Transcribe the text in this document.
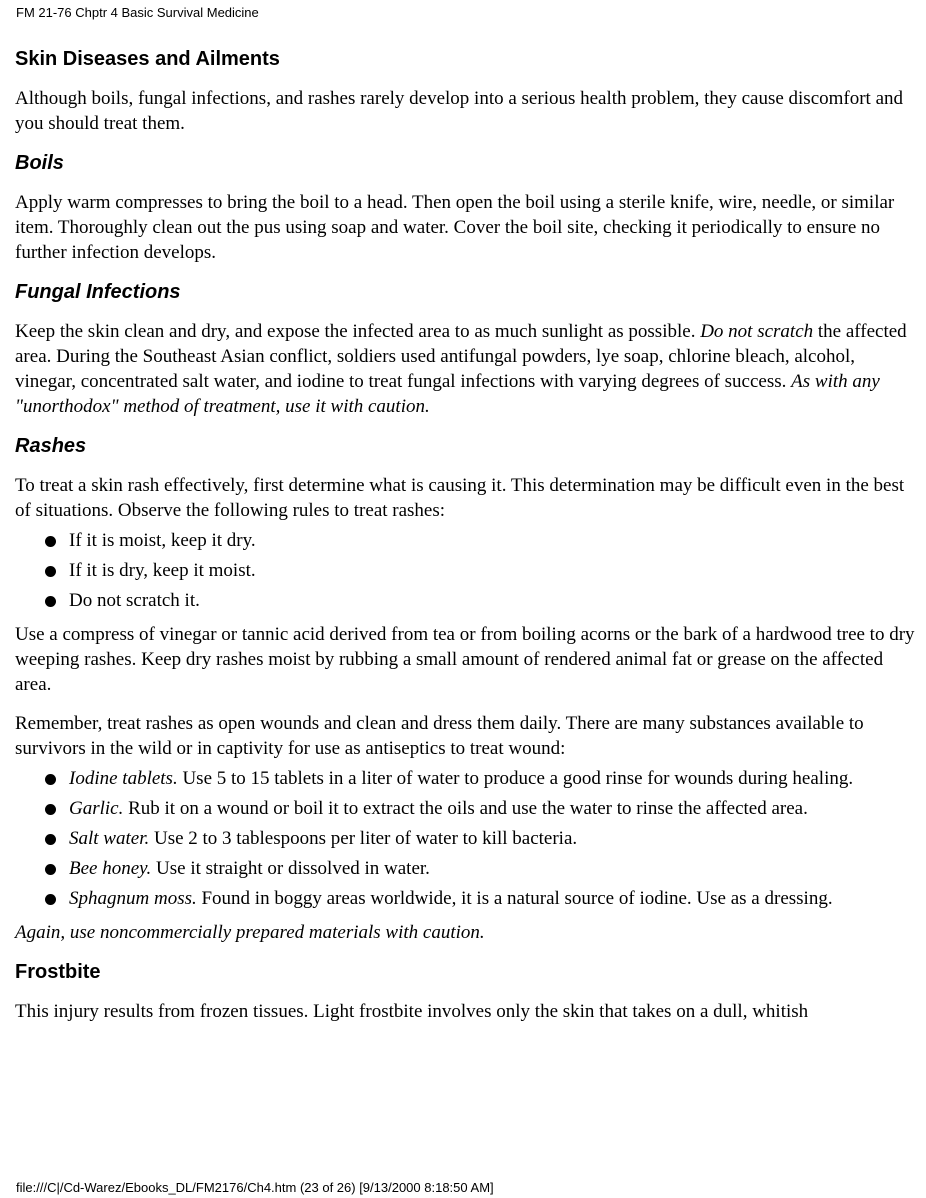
FM 21-76 Chptr 4 Basic Survival Medicine
Skin Diseases and Ailments

Although boils, fungal infections, and rashes rarely develop into a serious health problem, they cause discomfort and you should treat them.

Boils

Apply warm compresses to bring the boil to a head. Then open the boil using a sterile knife, wire, needle, or similar item. Thoroughly clean out the pus using soap and water. Cover the boil site, checking it periodically to ensure no further infection develops.

Fungal Infections

Keep the skin clean and dry, and expose the infected area to as much sunlight as possible. Do not scratch the affected area. During the Southeast Asian conflict, soldiers used antifungal powders, lye soap, chlorine bleach, alcohol, vinegar, concentrated salt water, and iodine to treat fungal infections with varying degrees of success. As with any "unorthodox" method of treatment, use it with caution.

Rashes

To treat a skin rash effectively, first determine what is causing it. This determination may be difficult even in the best of situations. Observe the following rules to treat rashes:

If it is moist, keep it dry.
If it is dry, keep it moist.
Do not scratch it.

Use a compress of vinegar or tannic acid derived from tea or from boiling acorns or the bark of a hardwood tree to dry weeping rashes. Keep dry rashes moist by rubbing a small amount of rendered animal fat or grease on the affected area.

Remember, treat rashes as open wounds and clean and dress them daily. There are many substances available to survivors in the wild or in captivity for use as antiseptics to treat wound:

Iodine tablets. Use 5 to 15 tablets in a liter of water to produce a good rinse for wounds during healing.
Garlic. Rub it on a wound or boil it to extract the oils and use the water to rinse the affected area.
Salt water. Use 2 to 3 tablespoons per liter of water to kill bacteria.
Bee honey. Use it straight or dissolved in water.
Sphagnum moss. Found in boggy areas worldwide, it is a natural source of iodine. Use as a dressing.

Again, use noncommercially prepared materials with caution.

Frostbite

This injury results from frozen tissues. Light frostbite involves only the skin that takes on a dull, whitish

file:///C|/Cd-Warez/Ebooks_DL/FM2176/Ch4.htm (23 of 26) [9/13/2000 8:18:50 AM]
